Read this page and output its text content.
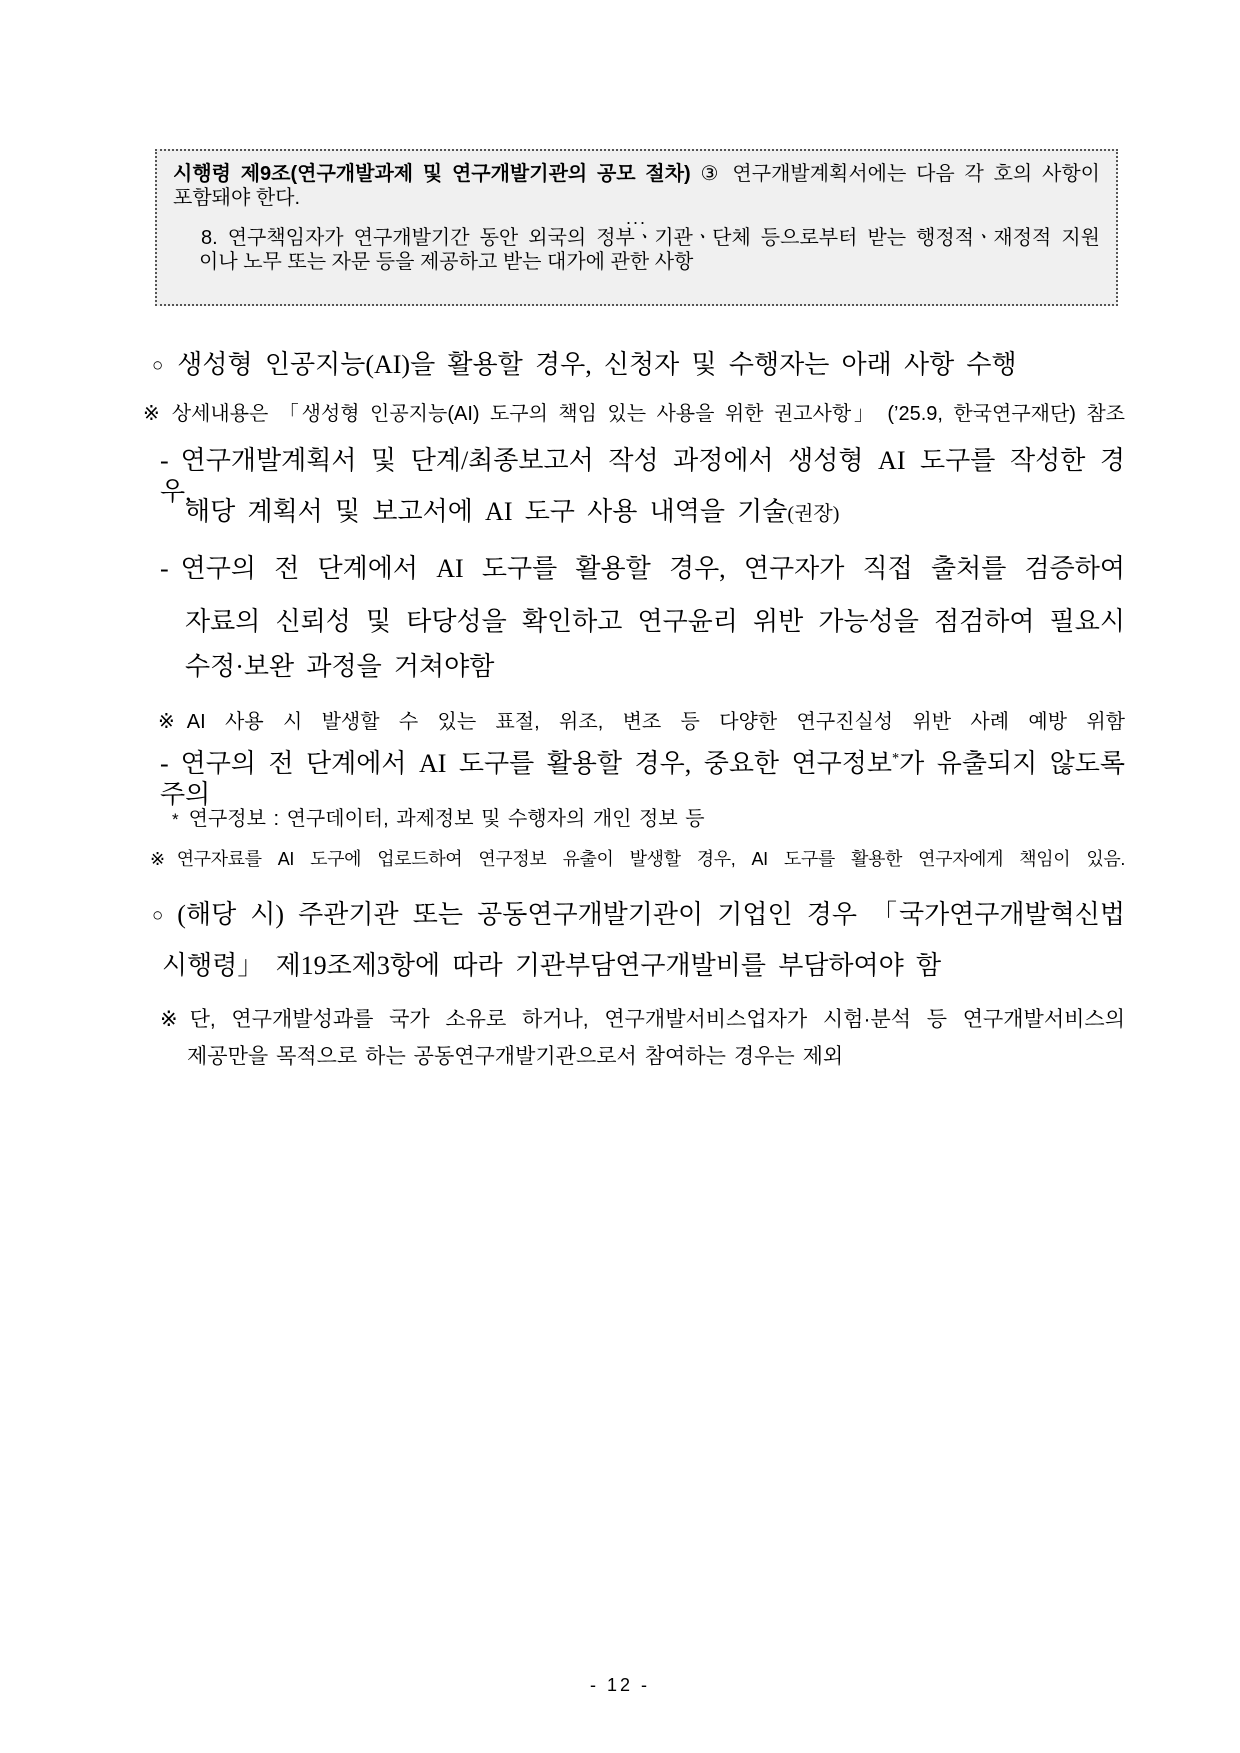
시행령 제9조(연구개발과제 및 연구개발기관의 공모 절차) ③ 연구개발계획서에는 다음 각 호의 사항이
포함돼야 한다.
...
8. 연구책임자가 연구개발기간 동안 외국의 정부ㆍ기관ㆍ단체 등으로부터 받는 행정적ㆍ재정적 지원
이나 노무 또는 자문 등을 제공하고 받는 대가에 관한 사항
○ 생성형 인공지능(AI)을 활용할 경우, 신청자 및 수행자는 아래 사항 수행
※ 상세내용은 「생성형 인공지능(AI) 도구의 책임 있는 사용을 위한 권고사항」 (’25.9, 한국연구재단) 참조
- 연구개발계획서 및 단계/최종보고서 작성 과정에서 생성형 AI 도구를 작성한 경우,
해당 계획서 및 보고서에 AI 도구 사용 내역을 기술(권장)
- 연구의 전 단계에서 AI 도구를 활용할 경우, 연구자가 직접 출처를 검증하여
자료의 신뢰성 및 타당성을 확인하고 연구윤리 위반 가능성을 점검하여 필요시
수정·보완 과정을 거쳐야함
※ AI 사용 시 발생할 수 있는 표절, 위조, 변조 등 다양한 연구진실성 위반 사례 예방 위함
- 연구의 전 단계에서 AI 도구를 활용할 경우, 중요한 연구정보*가 유출되지 않도록 주의
* 연구정보 : 연구데이터, 과제정보 및 수행자의 개인 정보 등
※ 연구자료를 AI 도구에 업로드하여 연구정보 유출이 발생할 경우, AI 도구를 활용한 연구자에게 책임이 있음.
○ (해당 시) 주관기관 또는 공동연구개발기관이 기업인 경우 「국가연구개발혁신법
시행령」 제19조제3항에 따라 기관부담연구개발비를 부담하여야 함
※ 단, 연구개발성과를 국가 소유로 하거나, 연구개발서비스업자가 시험·분석 등 연구개발서비스의
제공만을 목적으로 하는 공동연구개발기관으로서 참여하는 경우는 제외
- 12 -
